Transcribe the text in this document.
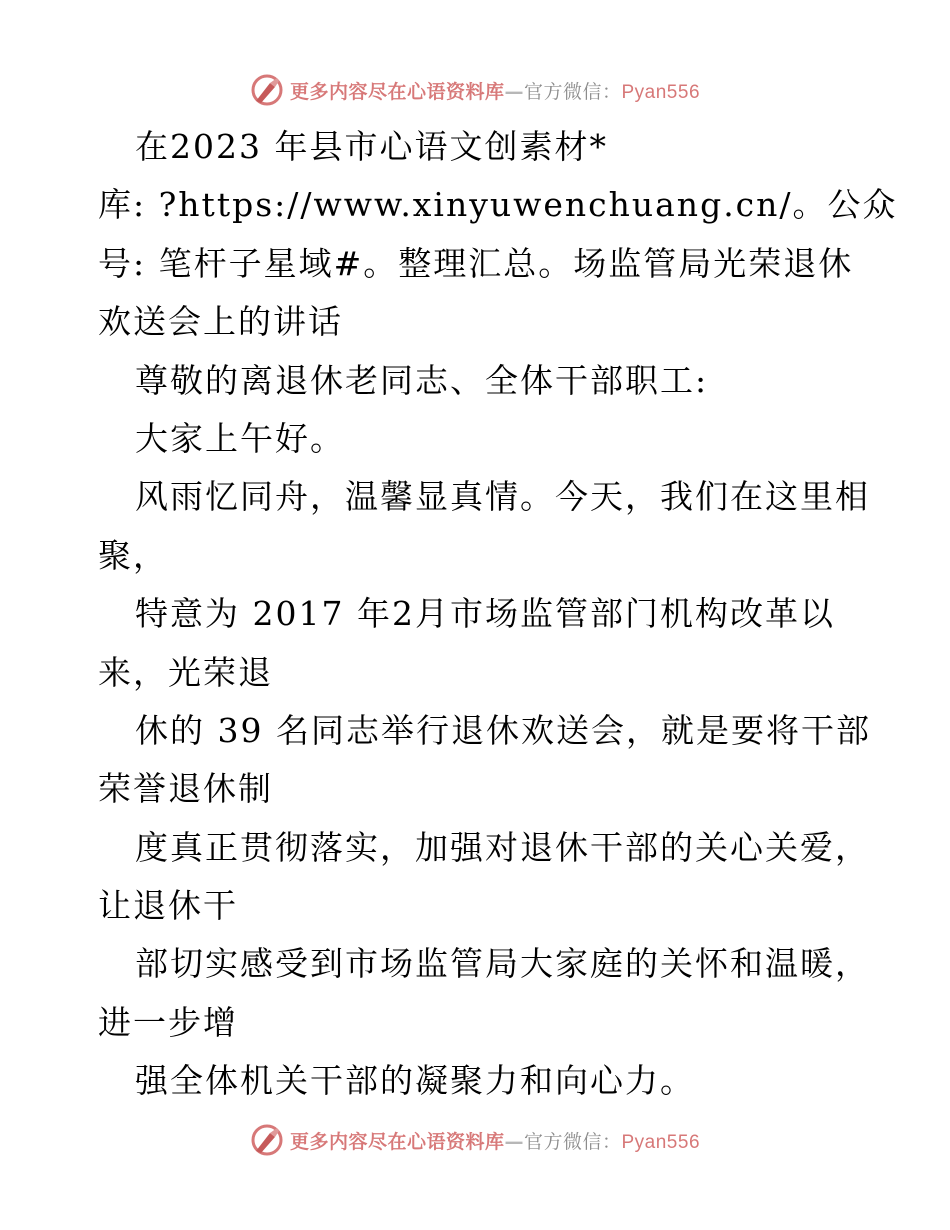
更多内容尽在心语资料库—官方微信：Pyan556
在2023 年县市心语文创素材*
库: ?https://www.xinyuwenchuang.cn/。公众
号: 笔杆子星域#。整理汇总。场监管局光荣退休
欢送会上的讲话
尊敬的离退休老同志、全体干部职工:
大家上午好。
风雨忆同舟，温馨显真情。今天，我们在这里相
聚，
特意为 2017 年2月市场监管部门机构改革以
来，光荣退
休的 39 名同志举行退休欢送会，就是要将干部
荣誉退休制
度真正贯彻落实，加强对退休干部的关心关爱，
让退休干
部切实感受到市场监管局大家庭的关怀和温暖，
进一步增
强全体机关干部的凝聚力和向心力。
更多内容尽在心语资料库—官方微信：Pyan556
